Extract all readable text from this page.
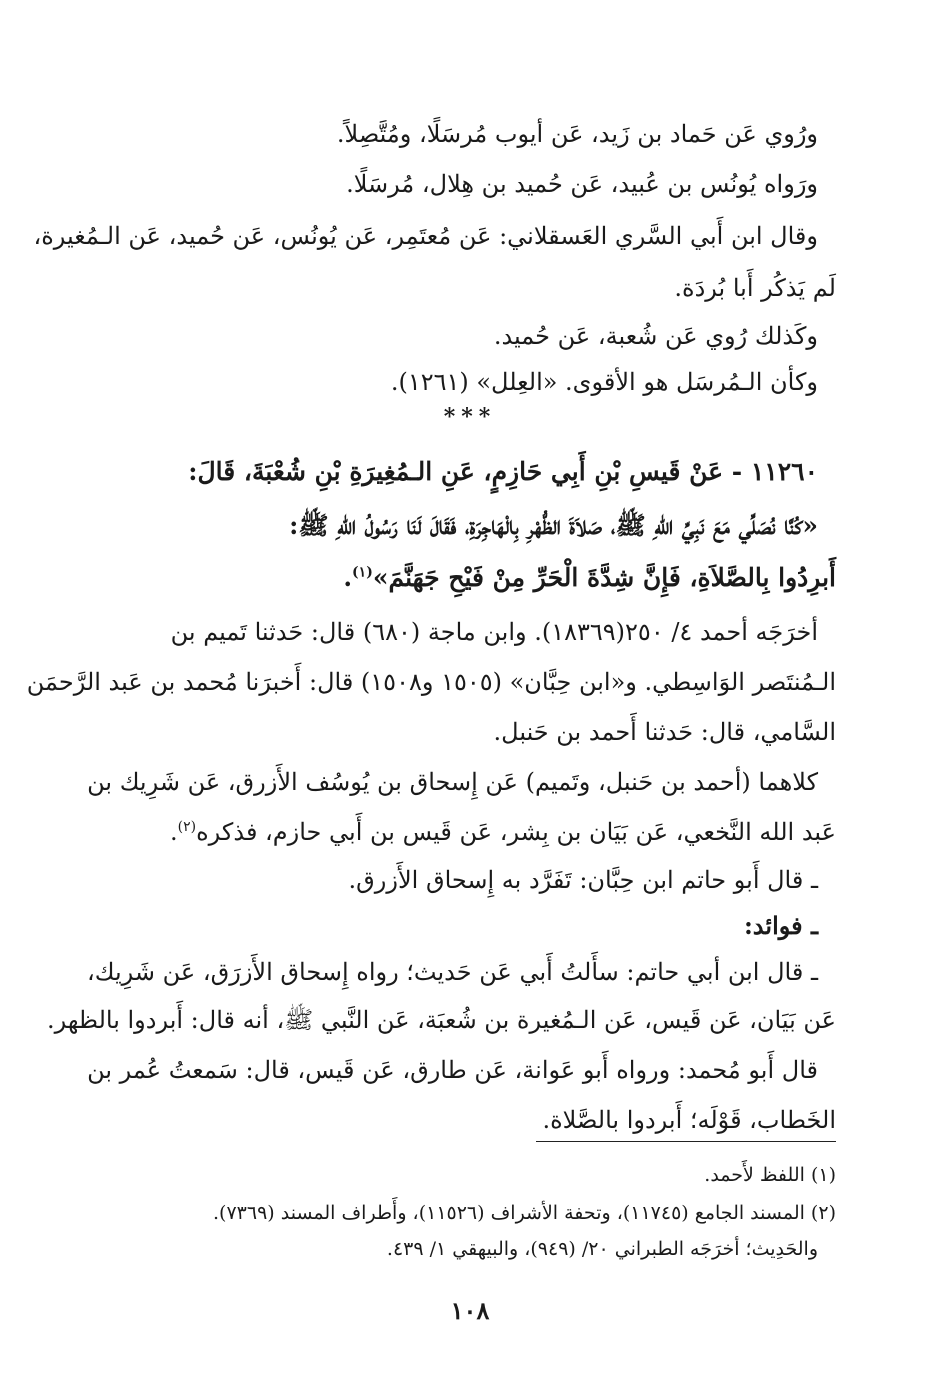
ورُوي عَن حَماد بن زَيد، عَن أيوب مُرسَلًا، ومُتَّصِلاً.
ورَواه يُونُس بن عُبيد، عَن حُميد بن هِلال، مُرسَلًا.
وقال ابن أَبي السَّري العَسقلاني: عَن مُعتَمِر، عَن يُونُس، عَن حُميد، عَن الـمُغيرة،
لَم يَذكُر أَبا بُردَة.
وكَذلك رُوي عَن شُعبة، عَن حُميد.
وكأن الـمُرسَل هو الأقوى. «العِلل» (١٢٦١).
***
١١٢٦٠ - عَنْ قَيسِ بْنِ أَبِي حَازِمٍ، عَنِ الـمُغِيرَةِ بْنِ شُعْبَةَ، قَالَ:
«كُنَّا نُصَلِّي مَعَ نَبِيِّ اللهِ ﷺ، صَلاَةَ الظُّهْرِ بِالْهَاجِرَةِ، فَقَالَ لَنَا رَسُولُ اللهِ ﷺ:
أَبرِدُوا بِالصَّلاَةِ، فَإِنَّ شِدَّةَ الْحَرِّ مِنْ فَيْحِ جَهَنَّمَ»$^{(١)}$.
أخرَجَه أحمد ٤/ ٢٥٠(١٨٣٦٩). وابن ماجة (٦٨٠) قال: حَدثنا تَميم بن
الـمُنتَصر الوَاسِطي. و«ابن حِبَّان» (١٥٠٥ و١٥٠٨) قال: أَخبرَنا مُحمد بن عَبد الرَّحمَن
السَّامي، قال: حَدثنا أَحمد بن حَنبل.
كلاهما (أحمد بن حَنبل، وتَميم) عَن إِسحاق بن يُوسُف الأَزرق، عَن شَرِيك بن
عَبد الله النَّخعي، عَن بَيَان بن بِشر، عَن قَيس بن أَبي حازم، فذكره$^{(٢)}$.
ـ قال أَبو حاتم ابن حِبَّان: تَفَرَّد به إِسحاق الأَزرق.
ـ فوائد:
ـ قال ابن أبي حاتم: سأَلتُ أَبي عَن حَديث؛ رواه إِسحاق الأَزرَق، عَن شَرِيك،
عَن بَيَان، عَن قَيس، عَن الـمُغيرة بن شُعبَة، عَن النَّبي ﷺ، أنه قال: أَبردوا بالظهر.
قال أَبو مُحمد: ورواه أَبو عَوانة، عَن طارق، عَن قَيس، قال: سَمعتُ عُمر بن
الخَطاب، قَوْلَه؛ أَبردوا بالصَّلاة.
(١) اللفظ لأَحمد.
(٢) المسند الجامع (١١٧٤٥)، وتحفة الأشراف (١١٥٢٦)، وأَطراف المسند (٧٣٦٩).
والحَدِيث؛ أخرَجَه الطبراني ٢٠/ (٩٤٩)، والبيهقي ١/ ٤٣٩.
١٠٨
